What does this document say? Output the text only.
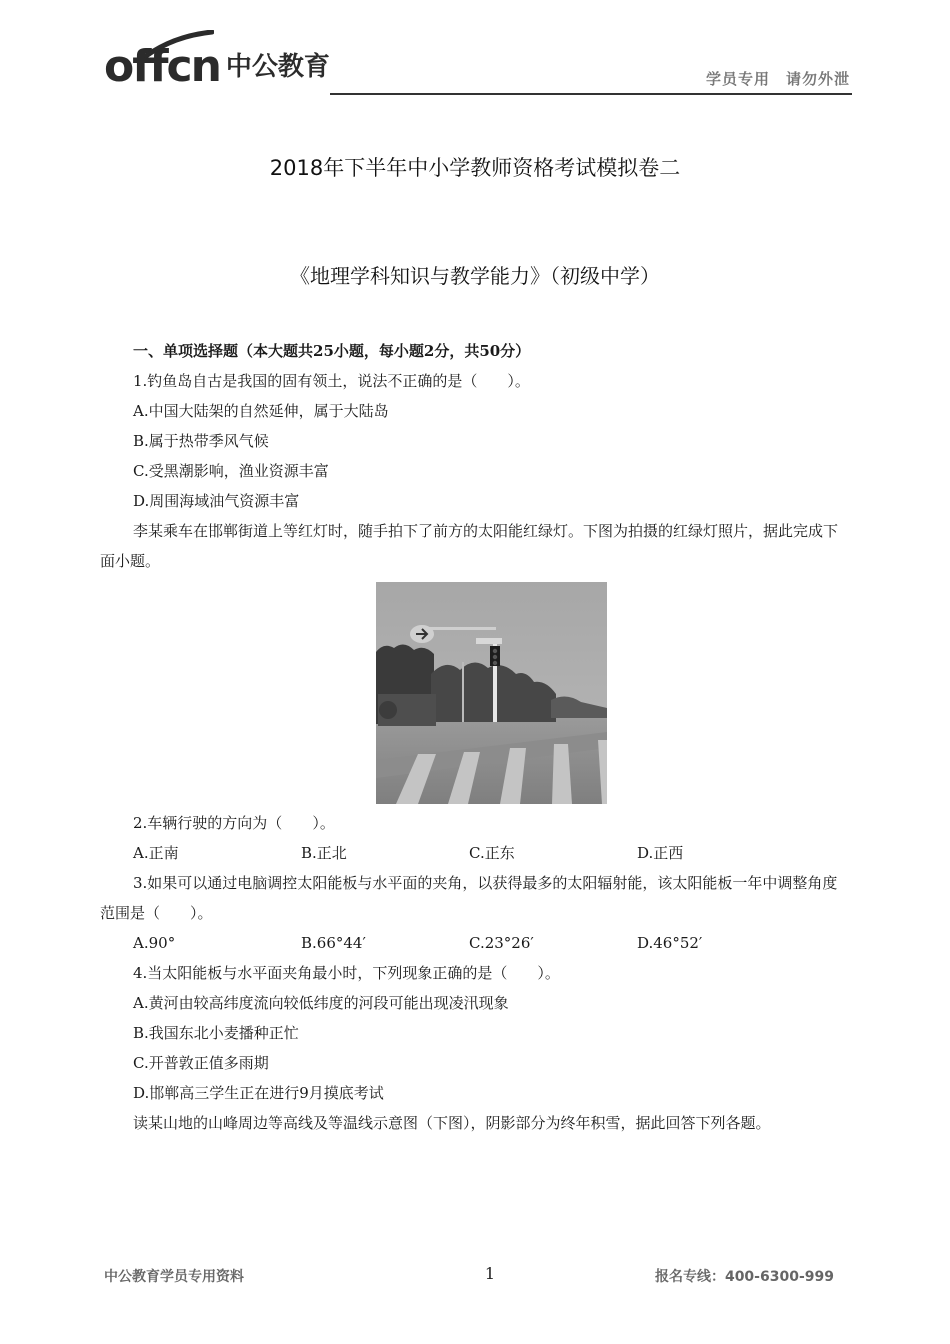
offcn 中公教育	学员专用 请勿外泄
2018年下半年中小学教师资格考试模拟卷二
《地理学科知识与教学能力》（初级中学）
一、单项选择题（本大题共25小题，每小题2分，共50分）
1.钓鱼岛自古是我国的固有领土，说法不正确的是（　　）。
A.中国大陆架的自然延伸，属于大陆岛
B.属于热带季风气候
C.受黑潮影响，渔业资源丰富
D.周围海域油气资源丰富
李某乘车在邯郸街道上等红灯时，随手拍下了前方的太阳能红绿灯。下图为拍摄的红绿灯照片，据此完成下面小题。
2.车辆行驶的方向为（　　）。
A.正南	B.正北	C.正东	D.正西
3.如果可以通过电脑调控太阳能板与水平面的夹角，以获得最多的太阳辐射能，该太阳能板一年中调整角度范围是（　　）。
A.90°	B.66°44′	C.23°26′	D.46°52′
4.当太阳能板与水平面夹角最小时，下列现象正确的是（　　）。
A.黄河由较高纬度流向较低纬度的河段可能出现凌汛现象
B.我国东北小麦播种正忙
C.开普敦正值多雨期
D.邯郸高三学生正在进行9月摸底考试
读某山地的山峰周边等高线及等温线示意图（下图），阴影部分为终年积雪，据此回答下列各题。
中公教育学员专用资料	1	报名专线：400-6300-999
